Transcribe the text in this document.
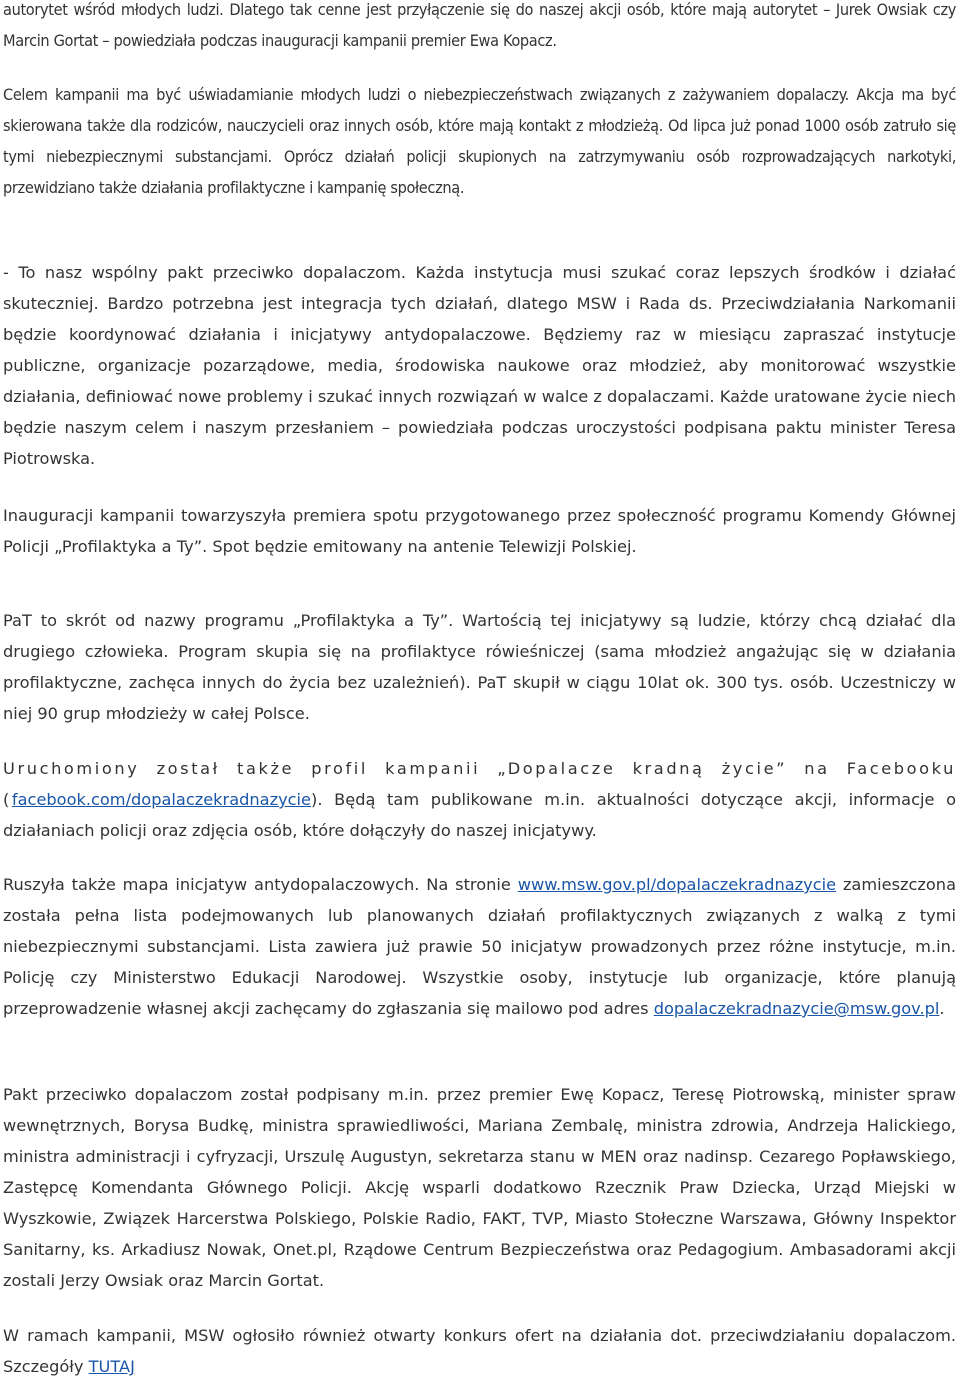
autorytet wśród młodych ludzi. Dlatego tak cenne jest przyłączenie się do naszej akcji osób, które mają autorytet – Jurek Owsiak czy Marcin Gortat – powiedziała podczas inauguracji kampanii premier Ewa Kopacz.

Celem kampanii ma być uświadamianie młodych ludzi o niebezpieczeństwach związanych z zażywaniem dopalaczy. Akcja ma być skierowana także dla rodziców, nauczycieli oraz innych osób, które mają kontakt z młodzieżą. Od lipca już ponad 1000 osób zatruło się tymi niebezpiecznymi substancjami. Oprócz działań policji skupionych na zatrzymywaniu osób rozprowadzających narkotyki, przewidziano także działania profilaktyczne i kampanię społeczną.

- To nasz wspólny pakt przeciwko dopalaczom. Każda instytucja musi szukać coraz lepszych środków i działać skuteczniej. Bardzo potrzebna jest integracja tych działań, dlatego MSW i Rada ds. Przeciwdziałania Narkomanii będzie koordynować działania i inicjatywy antydopalaczowe. Będziemy raz w miesiącu zapraszać instytucje publiczne, organizacje pozarządowe, media, środowiska naukowe oraz młodzież, aby monitorować wszystkie działania, definiować nowe problemy i szukać innych rozwiązań w walce z dopalaczami. Każde uratowane życie niech będzie naszym celem i naszym przesłaniem – powiedziała podczas uroczystości podpisana paktu minister Teresa Piotrowska.

Inauguracji kampanii towarzyszyła premiera spotu przygotowanego przez społeczność programu Komendy Głównej Policji „Profilaktyka a Ty”. Spot będzie emitowany na antenie Telewizji Polskiej.

PaT to skrót od nazwy programu „Profilaktyka a Ty”. Wartością tej inicjatywy są ludzie, którzy chcą działać dla drugiego człowieka. Program skupia się na profilaktyce rówieśniczej (sama młodzież angażując się w działania profilaktyczne, zachęca innych do życia bez uzależnień). PaT skupił w ciągu 10lat ok. 300 tys. osób. Uczestniczy w niej 90 grup młodzieży w całej Polsce.

Uruchomiony został także profil kampanii „Dopalacze kradną życie” na Facebooku (facebook.com/dopalaczekradnazycie). Będą tam publikowane m.in. aktualności dotyczące akcji, informacje o działaniach policji oraz zdjęcia osób, które dołączyły do naszej inicjatywy.

Ruszyła także mapa inicjatyw antydopalaczowych. Na stronie www.msw.gov.pl/dopalaczekradnazycie zamieszczona została pełna lista podejmowanych lub planowanych działań profilaktycznych związanych z walką z tymi niebezpiecznymi substancjami. Lista zawiera już prawie 50 inicjatyw prowadzonych przez różne instytucje, m.in. Policję czy Ministerstwo Edukacji Narodowej. Wszystkie osoby, instytucje lub organizacje, które planują przeprowadzenie własnej akcji zachęcamy do zgłaszania się mailowo pod adres dopalaczekradnazycie@msw.gov.pl.

Pakt przeciwko dopalaczom został podpisany m.in. przez premier Ewę Kopacz, Teresę Piotrowską, minister spraw wewnętrznych, Borysa Budkę, ministra sprawiedliwości, Mariana Zembalę, ministra zdrowia, Andrzeja Halickiego, ministra administracji i cyfryzacji, Urszulę Augustyn, sekretarza stanu w MEN oraz nadinsp. Cezarego Popławskiego, Zastępcę Komendanta Głównego Policji. Akcję wsparli dodatkowo Rzecznik Praw Dziecka, Urząd Miejski w Wyszkowie, Związek Harcerstwa Polskiego, Polskie Radio, FAKT, TVP, Miasto Stołeczne Warszawa, Główny Inspektor Sanitarny, ks. Arkadiusz Nowak, Onet.pl, Rządowe Centrum Bezpieczeństwa oraz Pedagogium. Ambasadorami akcji zostali Jerzy Owsiak oraz Marcin Gortat.

W ramach kampanii, MSW ogłosiło również otwarty konkurs ofert na działania dot. przeciwdziałaniu dopalaczom. Szczegóły TUTAJ
